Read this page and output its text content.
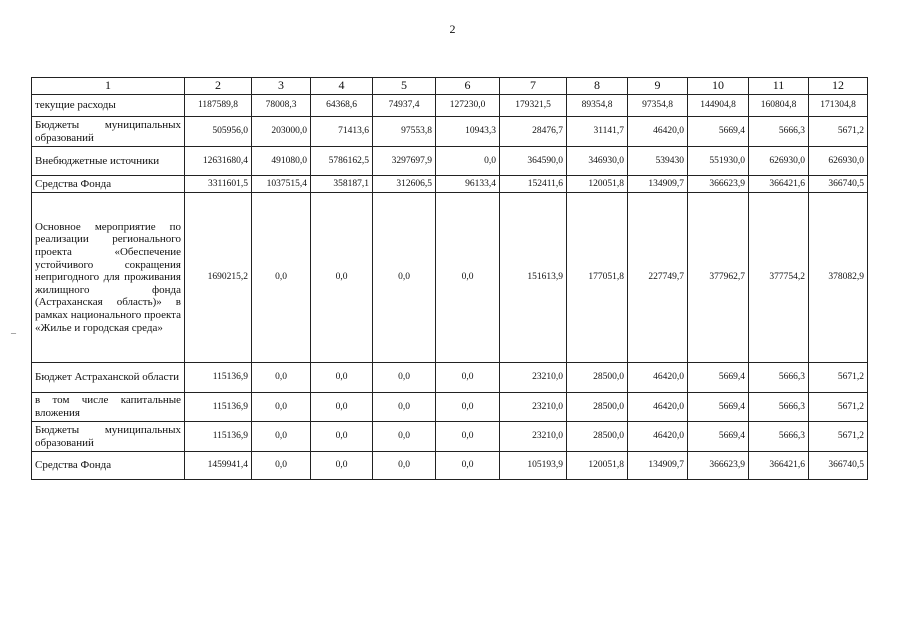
2
–
1	2	3	4	5	6	7	8	9	10	11	12
текущие расходы	1187589,8	78008,3	64368,6	74937,4	127230,0	179321,5	89354,8	97354,8	144904,8	160804,8	171304,8
Бюджеты муниципальных образований	505956,0	203000,0	71413,6	97553,8	10943,3	28476,7	31141,7	46420,0	5669,4	5666,3	5671,2
Внебюджетные источники	12631680,4	491080,0	5786162,5	3297697,9	0,0	364590,0	346930,0	539430	551930,0	626930,0	626930,0
Средства Фонда	3311601,5	1037515,4	358187,1	312606,5	96133,4	152411,6	120051,8	134909,7	366623,9	366421,6	366740,5
Основное мероприятие по реализации регионального проекта «Обеспечение устойчивого сокращения непригодного для проживания жилищного фонда (Астраханская область)» в рамках национального проекта «Жилье и городская среда»	1690215,2	0,0	0,0	0,0	0,0	151613,9	177051,8	227749,7	377962,7	377754,2	378082,9
Бюджет Астраханской области	115136,9	0,0	0,0	0,0	0,0	23210,0	28500,0	46420,0	5669,4	5666,3	5671,2
в том числе капитальные вложения	115136,9	0,0	0,0	0,0	0,0	23210,0	28500,0	46420,0	5669,4	5666,3	5671,2
Бюджеты муниципальных образований	115136,9	0,0	0,0	0,0	0,0	23210,0	28500,0	46420,0	5669,4	5666,3	5671,2
Средства Фонда	1459941,4	0,0	0,0	0,0	0,0	105193,9	120051,8	134909,7	366623,9	366421,6	366740,5
